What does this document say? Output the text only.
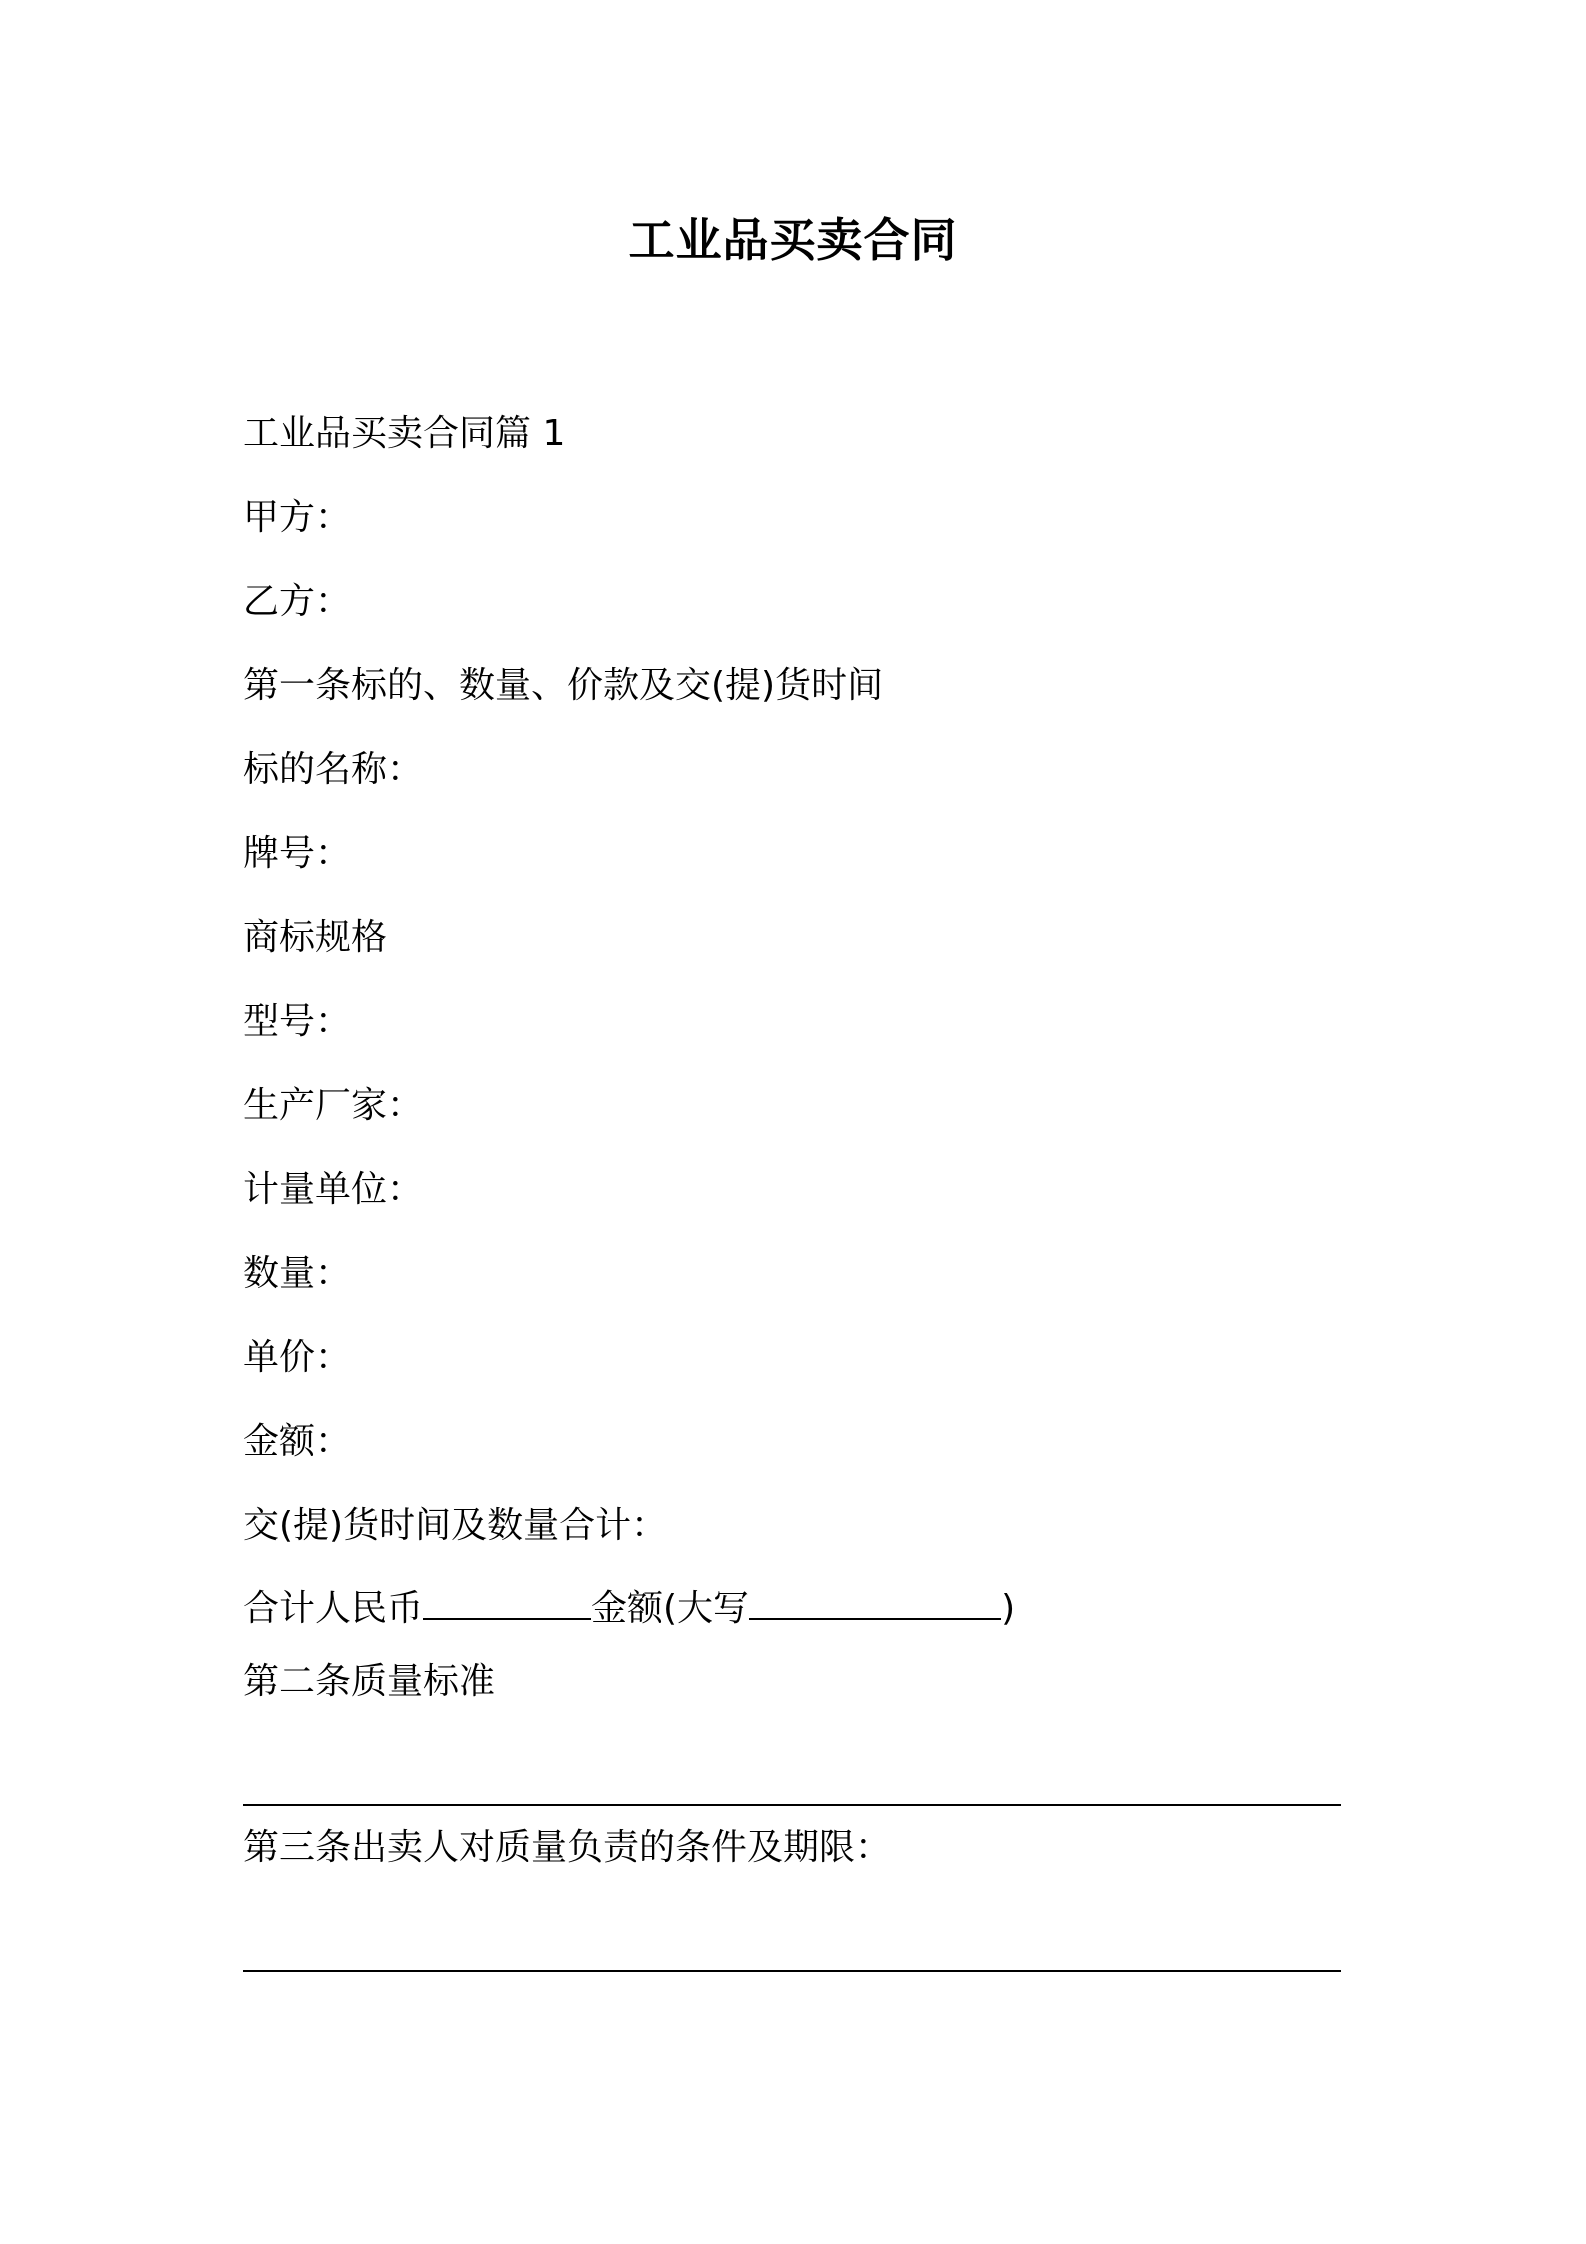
工业品买卖合同
工业品买卖合同篇 1
甲方：
乙方：
第一条标的、数量、价款及交(提)货时间
标的名称：
牌号：
商标规格
型号：
生产厂家：
计量单位：
数量：
单价：
金额：
交(提)货时间及数量合计：
合计人民币	金额(大写	)
第二条质量标准
第三条出卖人对质量负责的条件及期限：
